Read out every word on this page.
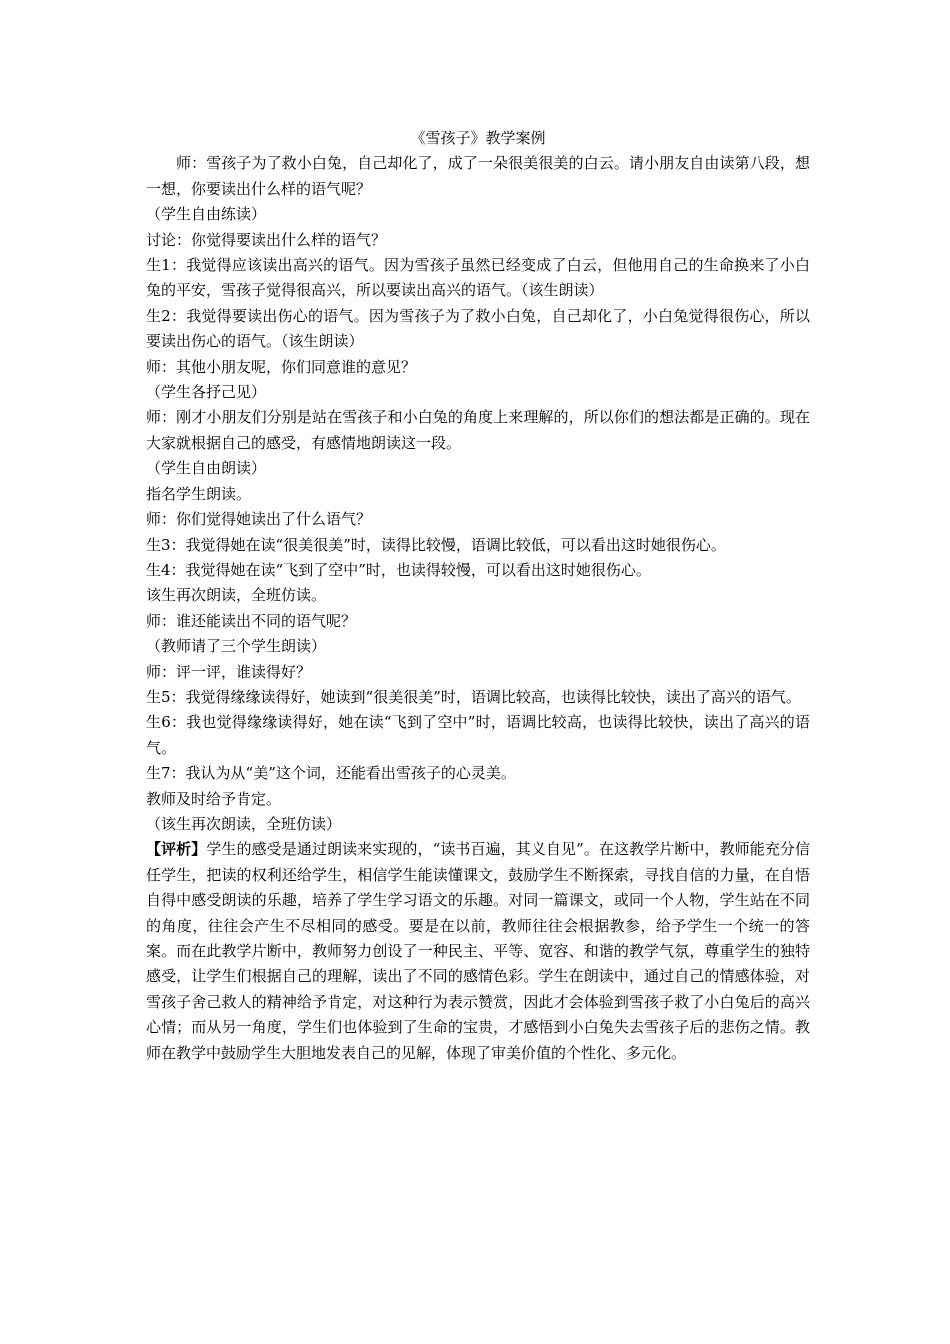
《雪孩子》教学案例

师：雪孩子为了救小白兔，自己却化了，成了一朵很美很美的白云。请小朋友自由读第八段，想一想，你要读出什么样的语气呢？

（学生自由练读）

讨论：你觉得要读出什么样的语气？

生1：我觉得应该读出高兴的语气。因为雪孩子虽然已经变成了白云，但他用自己的生命换来了小白兔的平安，雪孩子觉得很高兴，所以要读出高兴的语气。（该生朗读）

生2：我觉得要读出伤心的语气。因为雪孩子为了救小白兔，自己却化了，小白兔觉得很伤心，所以要读出伤心的语气。（该生朗读）

师：其他小朋友呢，你们同意谁的意见？

（学生各抒己见）

师：刚才小朋友们分别是站在雪孩子和小白兔的角度上来理解的，所以你们的想法都是正确的。现在大家就根据自己的感受，有感情地朗读这一段。

（学生自由朗读）

指名学生朗读。

师：你们觉得她读出了什么语气？

生3：我觉得她在读“很美很美”时，读得比较慢，语调比较低，可以看出这时她很伤心。

生4：我觉得她在读“飞到了空中”时，也读得较慢，可以看出这时她很伤心。

该生再次朗读，全班仿读。

师：谁还能读出不同的语气呢？

（教师请了三个学生朗读）

师：评一评，谁读得好？

生5：我觉得缘缘读得好，她读到“很美很美”时，语调比较高，也读得比较快，读出了高兴的语气。

生6：我也觉得缘缘读得好，她在读“飞到了空中”时，语调比较高，也读得比较快，读出了高兴的语气。

生7：我认为从“美”这个词，还能看出雪孩子的心灵美。

教师及时给予肯定。

（该生再次朗读，全班仿读）

【评析】学生的感受是通过朗读来实现的，“读书百遍，其义自见”。在这教学片断中，教师能充分信任学生，把读的权利还给学生，相信学生能读懂课文，鼓励学生不断探索，寻找自信的力量，在自悟自得中感受朗读的乐趣，培养了学生学习语文的乐趣。对同一篇课文，或同一个人物，学生站在不同的角度，往往会产生不尽相同的感受。要是在以前，教师往往会根据教参，给予学生一个统一的答案。而在此教学片断中，教师努力创设了一种民主、平等、宽容、和谐的教学气氛，尊重学生的独特感受，让学生们根据自己的理解，读出了不同的感情色彩。学生在朗读中，通过自己的情感体验，对雪孩子舍己救人的精神给予肯定，对这种行为表示赞赏，因此才会体验到雪孩子救了小白兔后的高兴心情；而从另一角度，学生们也体验到了生命的宝贵，才感悟到小白兔失去雪孩子后的悲伤之情。教师在教学中鼓励学生大胆地发表自己的见解，体现了审美价值的个性化、多元化。
